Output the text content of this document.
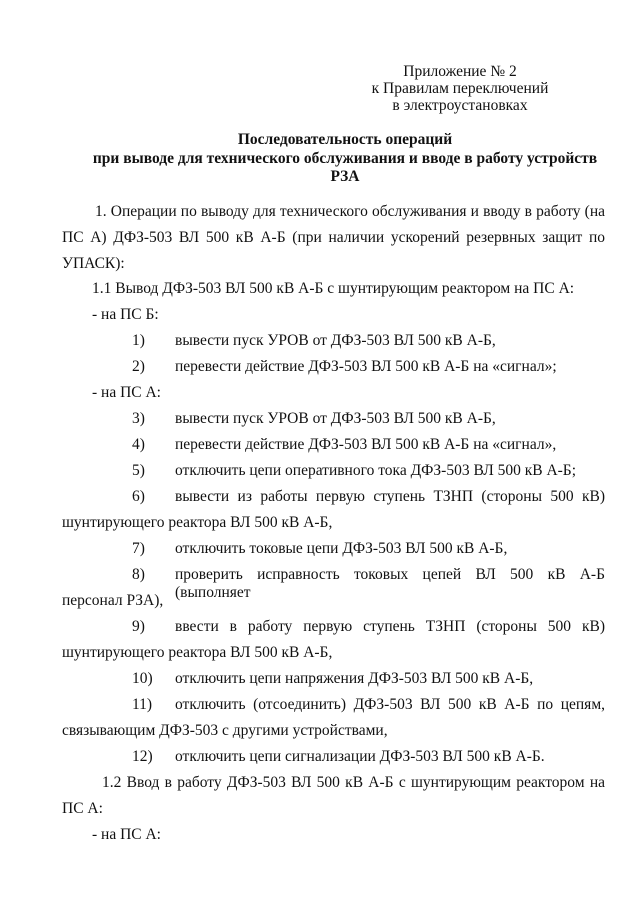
Приложение № 2
к Правилам переключений
в электроустановках
Последовательность операций
при выводе для технического обслуживания и вводе в работу устройств
РЗА
1. Операции по выводу для технического обслуживания и вводу в работу (на
ПС А) ДФЗ-503 ВЛ 500 кВ А-Б (при наличии ускорений резервных защит по
УПАСК):
1.1 Вывод ДФЗ-503 ВЛ 500 кВ А-Б с шунтирующим реактором на ПС А:
- на ПС Б:
1)	вывести пуск УРОВ от ДФЗ-503 ВЛ 500 кВ А-Б,
2)	перевести действие ДФЗ-503 ВЛ 500 кВ А-Б на «сигнал»;
- на ПС А:
3)	вывести пуск УРОВ от ДФЗ-503 ВЛ 500 кВ А-Б,
4)	перевести действие ДФЗ-503 ВЛ 500 кВ А-Б на «сигнал»,
5)	отключить цепи оперативного тока ДФЗ-503 ВЛ 500 кВ А-Б;
6)	вывести из работы первую ступень ТЗНП (стороны 500 кВ)
шунтирующего реактора ВЛ 500 кВ А-Б,
7)	отключить токовые цепи ДФЗ-503 ВЛ 500 кВ А-Б,
8)	проверить исправность токовых цепей ВЛ 500 кВ А-Б (выполняет
персонал РЗА),
9)	ввести в работу первую ступень ТЗНП (стороны 500 кВ)
шунтирующего реактора ВЛ 500 кВ А-Б,
10)	отключить цепи напряжения ДФЗ-503 ВЛ 500 кВ А-Б,
11)	отключить (отсоединить) ДФЗ-503 ВЛ 500 кВ А-Б по цепям,
связывающим ДФЗ-503 с другими устройствами,
12)	отключить цепи сигнализации ДФЗ-503 ВЛ 500 кВ А-Б.
1.2 Ввод в работу ДФЗ-503 ВЛ 500 кВ А-Б с шунтирующим реактором на
ПС А:
- на ПС А:
